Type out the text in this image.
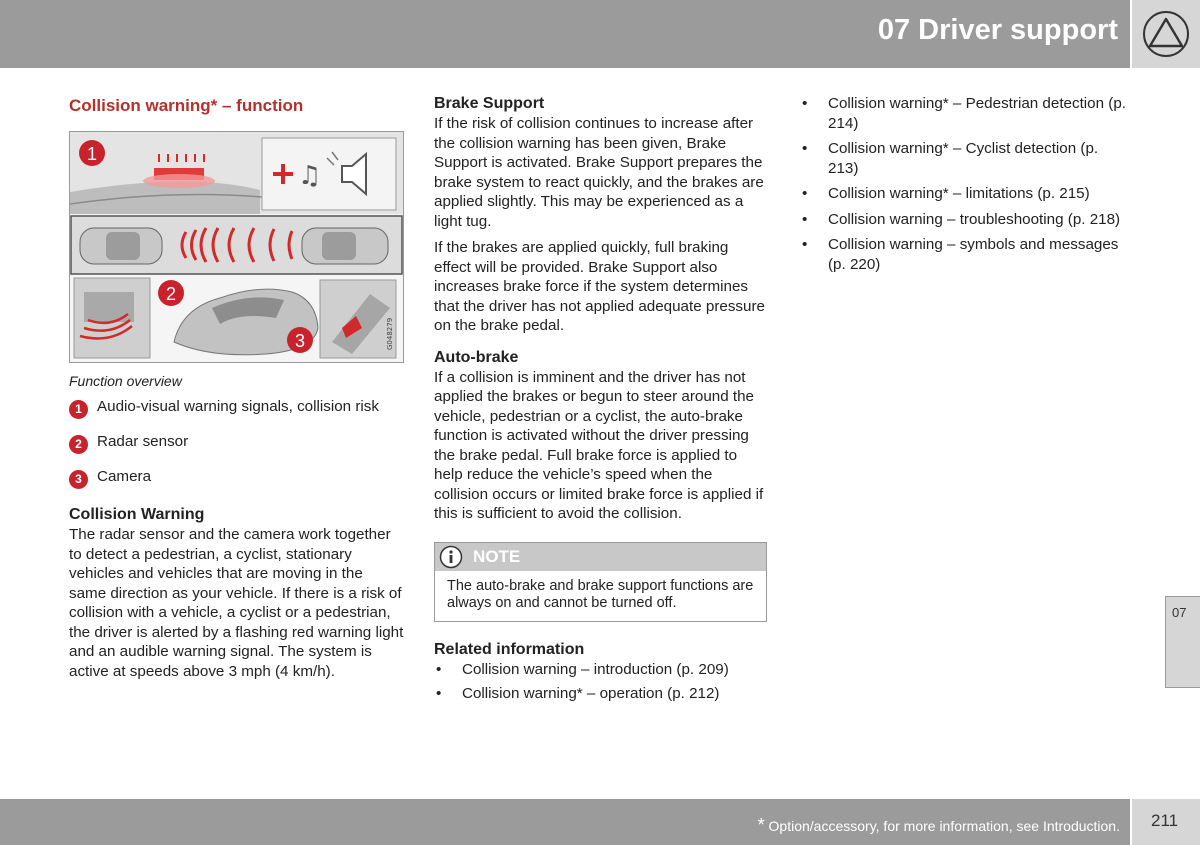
07 Driver support
Collision warning* – function
♫
G048279
1
2
3
Function overview
1 Audio-visual warning signals, collision risk
2 Radar sensor
3 Camera
Collision Warning

The radar sensor and the camera work together to detect a pedestrian, a cyclist, stationary vehicles and vehicles that are moving in the same direction as your vehicle. If there is a risk of collision with a vehicle, a cyclist or a pedestrian, the driver is alerted by a flashing red warning light and an audible warning signal. The system is active at speeds above 3 mph (4 km/h).

Brake Support

If the risk of collision continues to increase after the collision warning has been given, Brake Support is activated. Brake Support prepares the brake system to react quickly, and the brakes are applied slightly. This may be experienced as a light tug.

If the brakes are applied quickly, full braking effect will be provided. Brake Support also increases brake force if the system determines that the driver has not applied adequate pressure on the brake pedal.

Auto-brake

If a collision is imminent and the driver has not applied the brakes or begun to steer around the vehicle, pedestrian or a cyclist, the auto-brake function is activated without the driver pressing the brake pedal. Full brake force is applied to help reduce the vehicle’s speed when the collision occurs or limited brake force is applied if this is sufficient to avoid the collision.

NOTE
The auto-brake and brake support functions are always on and cannot be turned off.
Related information
• Collision warning – introduction (p. 209)
• Collision warning* – operation (p. 212)
• Collision warning* – Pedestrian detection (p. 214)
• Collision warning* – Cyclist detection (p. 213)
• Collision warning* – limitations (p. 215)
• Collision warning – troubleshooting (p. 218)
• Collision warning – symbols and messages (p. 220)
07
* Option/accessory, for more information, see Introduction. 211
